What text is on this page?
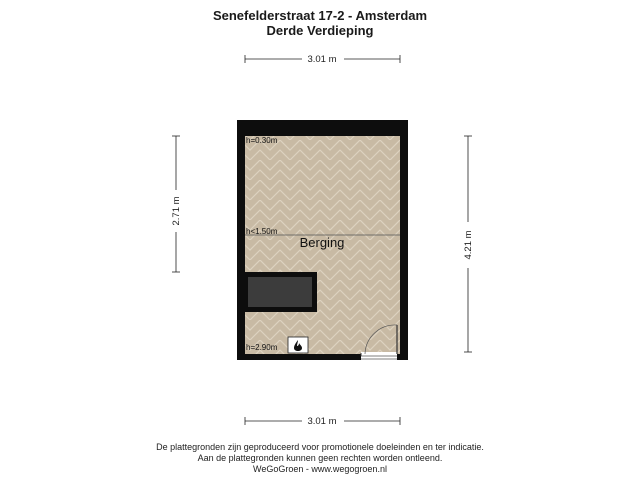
Senefelderstraat 17-2 - Amsterdam
Derde Verdieping
3.01 m
3.01 m
2.71 m
4.21 m
Berging
h=0.30m
h<1.50m
h=2.90m
De plattegronden zijn geproduceerd voor promotionele doeleinden en ter indicatie.
Aan de plattegronden kunnen geen rechten worden ontleend.
WeGoGroen - www.wegogroen.nl
